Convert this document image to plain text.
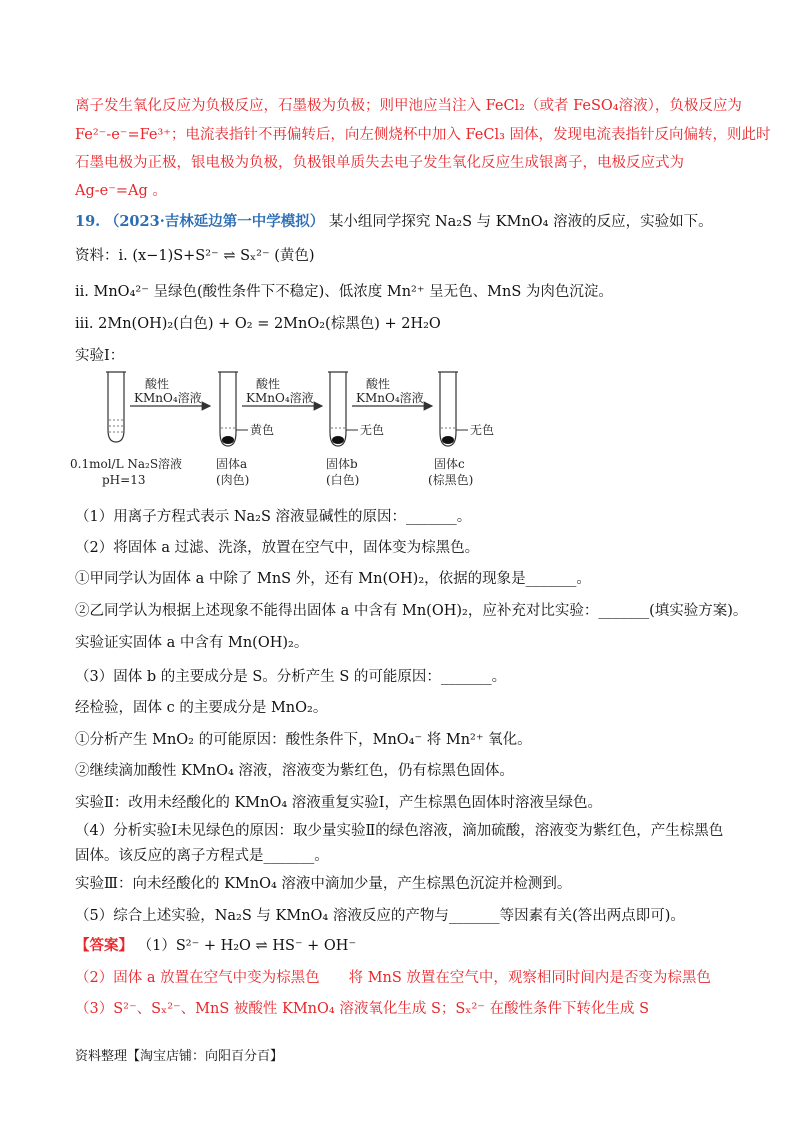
离子发生氧化反应为负极反应，石墨极为负极；则甲池应当注入 FeCl₂（或者 FeSO₄溶液），负极反应为
Fe²⁻-e⁻=Fe³⁺；电流表指针不再偏转后，向左侧烧杯中加入 FeCl₃ 固体，发现电流表指针反向偏转，则此时
石墨电极为正极，银电极为负极，负极银单质失去电子发生氧化反应生成银离子，电极反应式为
Ag-e⁻=Ag 。
19. （2023·吉林延边第一中学模拟） 某小组同学探究 Na₂S 与 KMnO₄ 溶液的反应，实验如下。
资料：i. (x−1)S+S²⁻ ⇌ Sₓ²⁻ (黄色)
ii. MnO₄²⁻ 呈绿色(酸性条件下不稳定)、低浓度 Mn²⁺ 呈无色、MnS 为肉色沉淀。
iii. 2Mn(OH)₂(白色) + O₂ = 2MnO₂(棕黑色) + 2H₂O
实验Ⅰ：
0.1mol/L Na₂S溶液
pH=13
酸性
KMnO₄溶液
黄色
固体a
(肉色)
酸性
KMnO₄溶液
无色
固体b
(白色)
酸性
KMnO₄溶液
无色
固体c
(棕黑色)
（1）用离子方程式表示 Na₂S 溶液显碱性的原因：_______。
（2）将固体 a 过滤、洗涤，放置在空气中，固体变为棕黑色。
①甲同学认为固体 a 中除了 MnS 外，还有 Mn(OH)₂，依据的现象是_______。
②乙同学认为根据上述现象不能得出固体 a 中含有 Mn(OH)₂，应补充对比实验：_______(填实验方案)。
实验证实固体 a 中含有 Mn(OH)₂。
（3）固体 b 的主要成分是 S。分析产生 S 的可能原因：_______。
经检验，固体 c 的主要成分是 MnO₂。
①分析产生 MnO₂ 的可能原因：酸性条件下，MnO₄⁻ 将 Mn²⁺ 氧化。
②继续滴加酸性 KMnO₄ 溶液，溶液变为紫红色，仍有棕黑色固体。
实验Ⅱ：改用未经酸化的 KMnO₄ 溶液重复实验Ⅰ，产生棕黑色固体时溶液呈绿色。
（4）分析实验Ⅰ未见绿色的原因：取少量实验Ⅱ的绿色溶液，滴加硫酸，溶液变为紫红色，产生棕黑色
固体。该反应的离子方程式是_______。
实验Ⅲ：向未经酸化的 KMnO₄ 溶液中滴加少量，产生棕黑色沉淀并检测到。
（5）综合上述实验，Na₂S 与 KMnO₄ 溶液反应的产物与_______等因素有关(答出两点即可)。
【答案】 （1）S²⁻ + H₂O ⇌ HS⁻ + OH⁻
（2）固体 a 放置在空气中变为棕黑色　　将 MnS 放置在空气中，观察相同时间内是否变为棕黑色
（3）S²⁻、Sₓ²⁻、MnS 被酸性 KMnO₄ 溶液氧化生成 S；Sₓ²⁻ 在酸性条件下转化生成 S
资料整理【淘宝店铺：向阳百分百】
